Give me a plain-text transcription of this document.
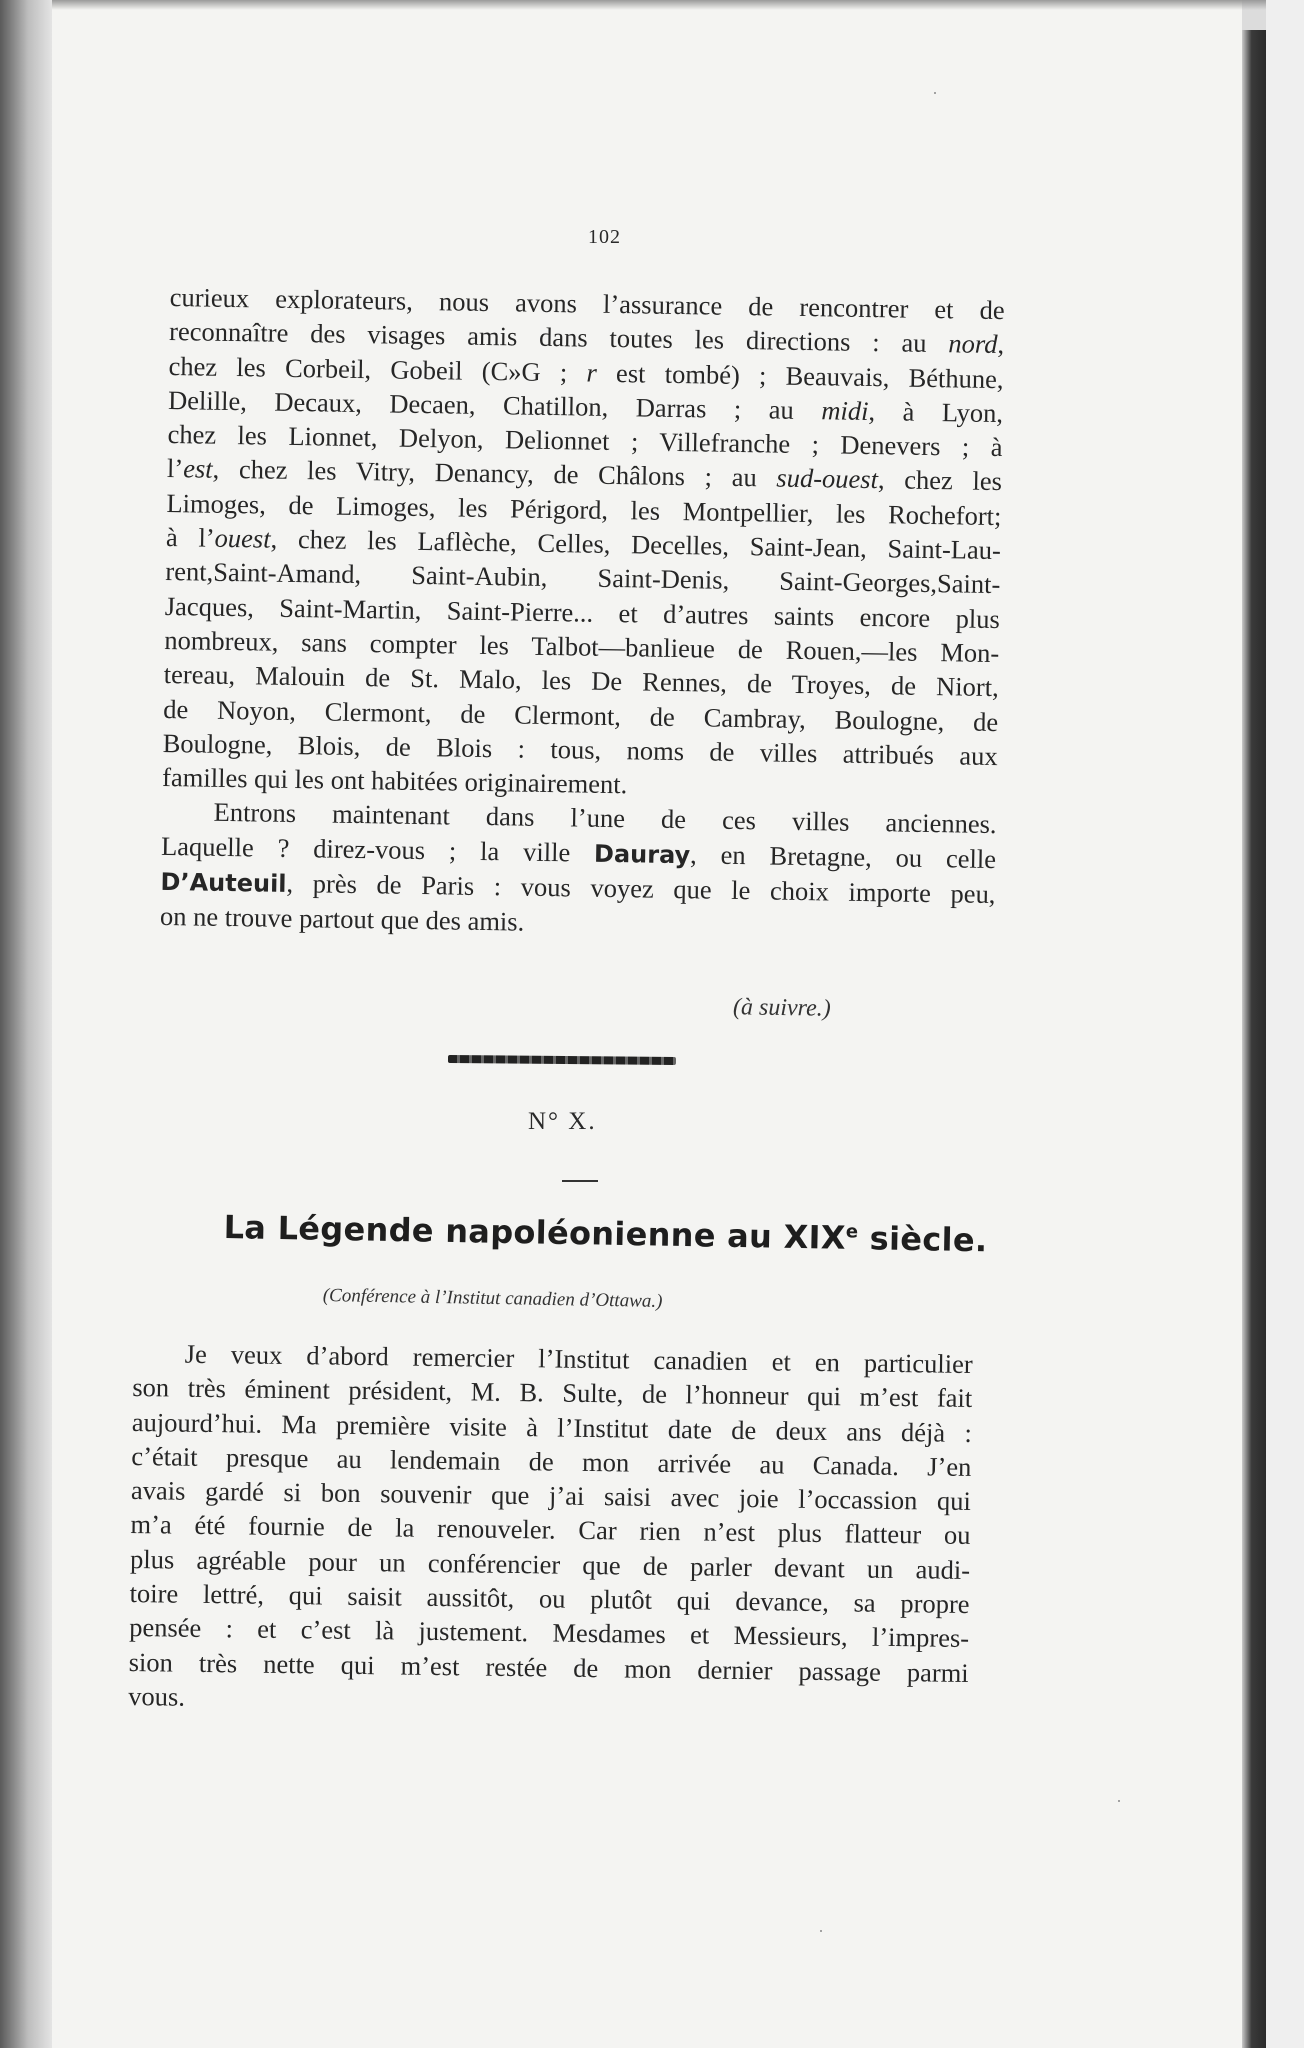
102
curieux explorateurs, nous avons l’assurance de rencontrer et de
reconnaître des visages amis dans toutes les directions : au nord,
chez les Corbeil, Gobeil (C»G ; r est tombé) ; Beauvais, Béthune,
Delille, Decaux, Decaen, Chatillon, Darras ; au midi, à Lyon,
chez les Lionnet, Delyon, Delionnet ; Villefranche ; Denevers ; à
l’est, chez les Vitry, Denancy, de Châlons ; au sud-ouest, chez les
Limoges, de Limoges, les Périgord, les Montpellier, les Rochefort;
à l’ouest, chez les Laflèche, Celles, Decelles, Saint-Jean, Saint-Lau-
rent,Saint-Amand, Saint-Aubin, Saint-Denis, Saint-Georges,Saint-
Jacques, Saint-Martin, Saint-Pierre... et d’autres saints encore plus
nombreux, sans compter les Talbot—banlieue de Rouen,—les Mon-
tereau, Malouin de St. Malo, les De Rennes, de Troyes, de Niort,
de Noyon, Clermont, de Clermont, de Cambray, Boulogne, de
Boulogne, Blois, de Blois : tous, noms de villes attribués aux
familles qui les ont habitées originairement.
Entrons maintenant dans l’une de ces villes anciennes.
Laquelle ? direz-vous ; la ville Dauray, en Bretagne, ou celle
D’Auteuil, près de Paris : vous voyez que le choix importe peu,
on ne trouve partout que des amis.
(à suivre.)
N° X.
La Légende napoléonienne au XIXe siècle.
(Conférence à l’Institut canadien d’Ottawa.)
Je veux d’abord remercier l’Institut canadien et en particulier
son très éminent président, M. B. Sulte, de l’honneur qui m’est fait
aujourd’hui. Ma première visite à l’Institut date de deux ans déjà :
c’était presque au lendemain de mon arrivée au Canada. J’en
avais gardé si bon souvenir que j’ai saisi avec joie l’occassion qui
m’a été fournie de la renouveler. Car rien n’est plus flatteur ou
plus agréable pour un conférencier que de parler devant un audi-
toire lettré, qui saisit aussitôt, ou plutôt qui devance, sa propre
pensée : et c’est là justement. Mesdames et Messieurs, l’impres-
sion très nette qui m’est restée de mon dernier passage parmi
vous.
